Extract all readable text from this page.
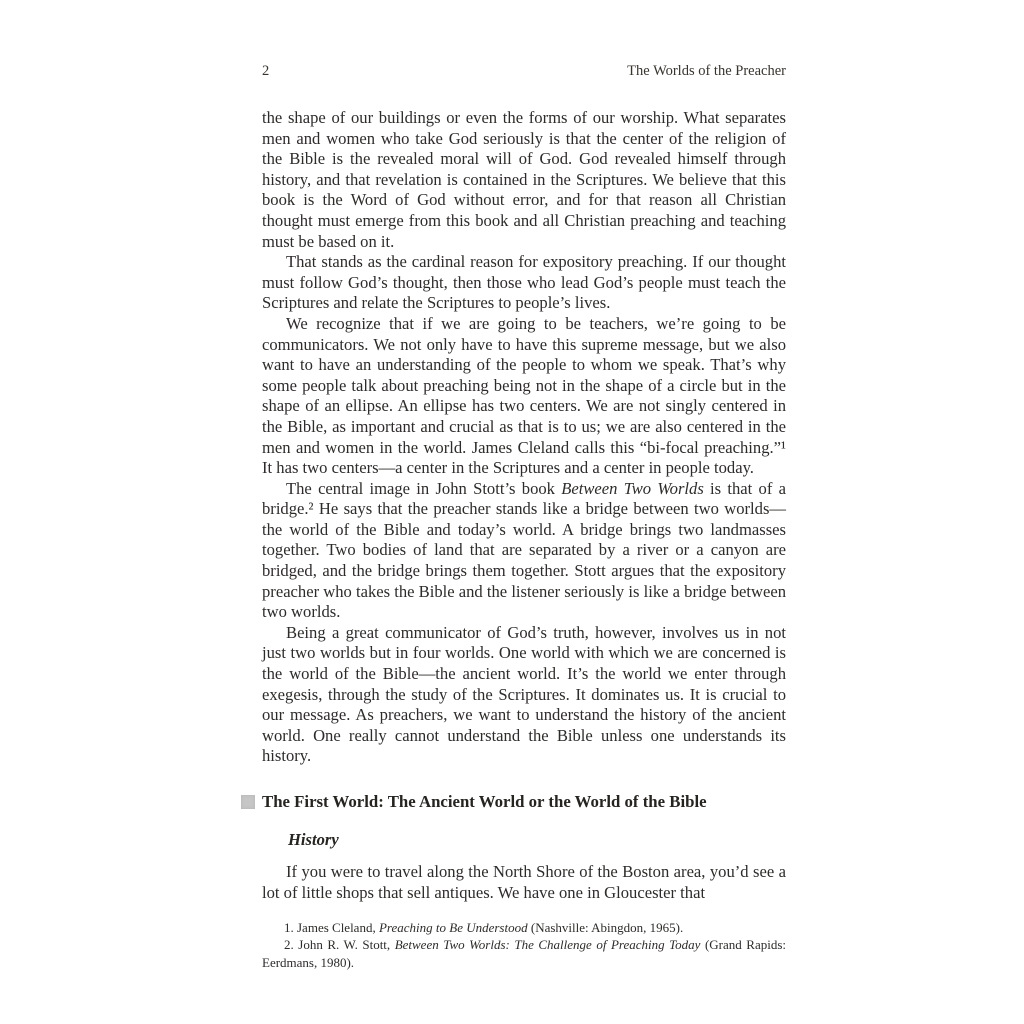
2	The Worlds of the Preacher

the shape of our buildings or even the forms of our worship. What separates men and women who take God seriously is that the center of the religion of the Bible is the revealed moral will of God. God revealed himself through history, and that revelation is contained in the Scriptures. We believe that this book is the Word of God without error, and for that reason all Christian thought must emerge from this book and all Christian preaching and teaching must be based on it.

That stands as the cardinal reason for expository preaching. If our thought must follow God’s thought, then those who lead God’s people must teach the Scriptures and relate the Scriptures to people’s lives.

We recognize that if we are going to be teachers, we’re going to be communicators. We not only have to have this supreme message, but we also want to have an understanding of the people to whom we speak. That’s why some people talk about preaching being not in the shape of a circle but in the shape of an ellipse. An ellipse has two centers. We are not singly centered in the Bible, as important and crucial as that is to us; we are also centered in the men and women in the world. James Cleland calls this “bi-focal preaching.”¹ It has two centers—a center in the Scriptures and a center in people today.

The central image in John Stott’s book Between Two Worlds is that of a bridge.² He says that the preacher stands like a bridge between two worlds—the world of the Bible and today’s world. A bridge brings two landmasses together. Two bodies of land that are separated by a river or a canyon are bridged, and the bridge brings them together. Stott argues that the expository preacher who takes the Bible and the listener seriously is like a bridge between two worlds.

Being a great communicator of God’s truth, however, involves us in not just two worlds but in four worlds. One world with which we are concerned is the world of the Bible—the ancient world. It’s the world we enter through exegesis, through the study of the Scriptures. It dominates us. It is crucial to our message. As preachers, we want to understand the history of the ancient world. One really cannot understand the Bible unless one understands its history.

The First World: The Ancient World or the World of the Bible
History

If you were to travel along the North Shore of the Boston area, you’d see a lot of little shops that sell antiques. We have one in Gloucester that

1. James Cleland, Preaching to Be Understood (Nashville: Abingdon, 1965).

2. John R. W. Stott, Between Two Worlds: The Challenge of Preaching Today (Grand Rapids: Eerdmans, 1980).
